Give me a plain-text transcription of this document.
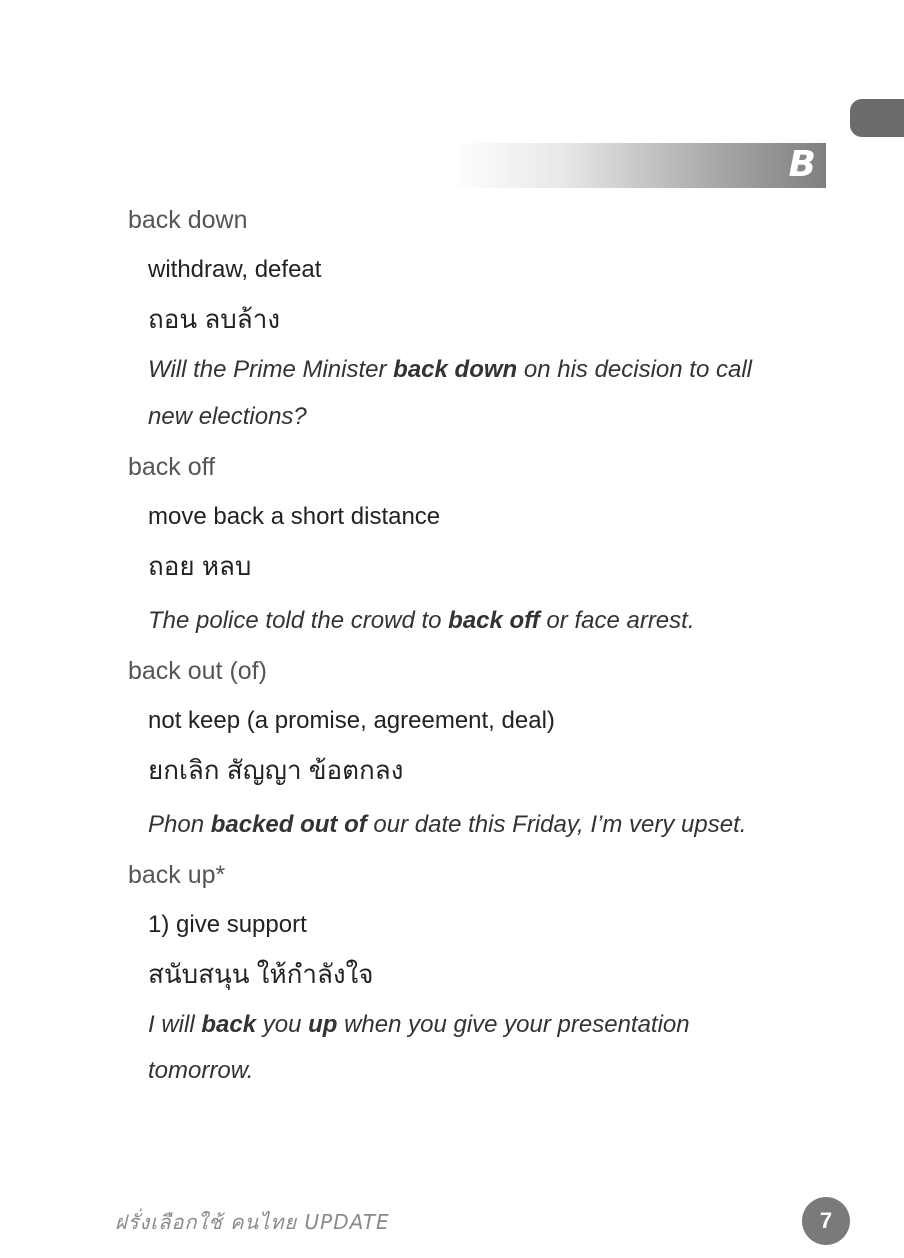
B
back down
withdraw, defeat
ถอน ลบล้าง
Will the Prime Minister back down on his decision to call
new elections?
back off
move back a short distance
ถอย หลบ
The police told the crowd to back off or face arrest.
back out (of)
not keep (a promise, agreement, deal)
ยกเลิก สัญญา ข้อตกลง
Phon backed out of our date this Friday, I’m very upset.
back up*
1) give support
สนับสนุน ให้กำลังใจ
I will back you up when you give your presentation
tomorrow.
ฝรั่งเลือกใช้ คนไทย UPDATE	7
